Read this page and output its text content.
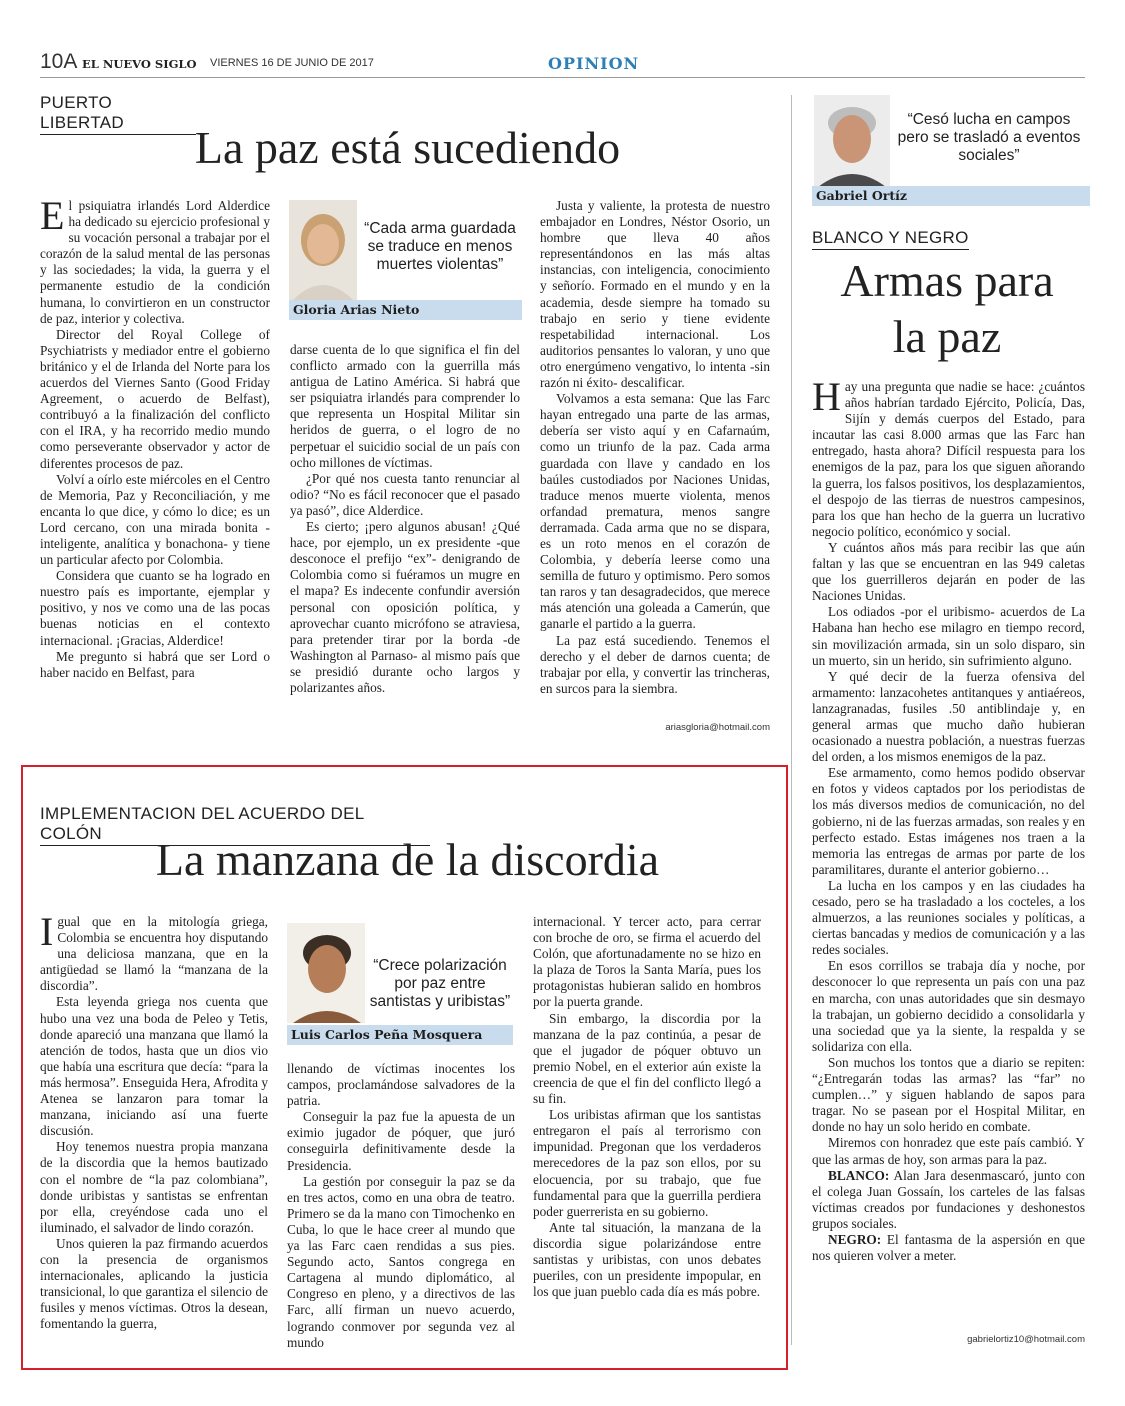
10A EL NUEVO SIGLO VIERNES 16 DE JUNIO DE 2017	OPINION
PUERTO LIBERTAD	La paz está sucediendo

El psiquiatra irlandés Lord Alderdice ha dedicado su ejercicio profesional y su vocación personal a trabajar por el corazón de la salud mental de las personas y las sociedades; la vida, la guerra y el permanente estudio de la condición humana, lo convirtieron en un constructor de paz, interior y colectiva.

Director del Royal College of Psychiatrists y mediador entre el gobierno británico y el de Irlanda del Norte para los acuerdos del Viernes Santo (Good Friday Agreement, o acuerdo de Belfast), contribuyó a la finalización del conflicto con el IRA, y ha recorrido medio mundo como perseverante observador y actor de diferentes procesos de paz.

Volví a oírlo este miércoles en el Centro de Memoria, Paz y Reconciliación, y me encanta lo que dice, y cómo lo dice; es un Lord cercano, con una mirada bonita -inteligente, analítica y bonachona- y tiene un particular afecto por Colombia.

Considera que cuanto se ha logrado en nuestro país es importante, ejemplar y positivo, y nos ve como una de las pocas buenas noticias en el contexto internacional. ¡Gracias, Alderdice!

Me pregunto si habrá que ser Lord o haber nacido en Belfast, para

“Cada arma guardada se traduce en menos muertes violentas”
Gloria Arias Nieto

darse cuenta de lo que significa el fin del conflicto armado con la guerrilla más antigua de Latino América. Si habrá que ser psiquiatra irlandés para comprender lo que representa un Hospital Militar sin heridos de guerra, o el logro de no perpetuar el suicidio social de un país con ocho millones de víctimas.

¿Por qué nos cuesta tanto renunciar al odio? “No es fácil reconocer que el pasado ya pasó”, dice Alderdice.

Es cierto; ¡pero algunos abusan! ¿Qué hace, por ejemplo, un ex presidente -que desconoce el prefijo “ex”- denigrando de Colombia como si fuéramos un mugre en el mapa? Es indecente confundir aversión personal con oposición política, y aprovechar cuanto micrófono se atraviesa, para pretender tirar por la borda -de Washington al Parnaso- al mismo país que se presidió durante ocho largos y polarizantes años.

Justa y valiente, la protesta de nuestro embajador en Londres, Néstor Osorio, un hombre que lleva 40 años representándonos en las más altas instancias, con inteligencia, conocimiento y señorío. Formado en el mundo y en la academia, desde siempre ha tomado su trabajo en serio y tiene evidente respetabilidad internacional. Los auditorios pensantes lo valoran, y uno que otro energúmeno vengativo, lo intenta -sin razón ni éxito- descalificar.

Volvamos a esta semana: Que las Farc hayan entregado una parte de las armas, debería ser visto aquí y en Cafarnaúm, como un triunfo de la paz. Cada arma guardada con llave y candado en los baúles custodiados por Naciones Unidas, traduce menos muerte violenta, menos orfandad prematura, menos sangre derramada. Cada arma que no se dispara, es un roto menos en el corazón de Colombia, y debería leerse como una semilla de futuro y optimismo. Pero somos tan raros y tan desagradecidos, que merece más atención una goleada a Camerún, que ganarle el partido a la guerra.

La paz está sucediendo. Tenemos el derecho y el deber de darnos cuenta; de trabajar por ella, y convertir las trincheras, en surcos para la siembra.

ariasgloria@hotmail.com
IMPLEMENTACION DEL ACUERDO DEL COLÓN
La manzana de la discordia

Igual que en la mitología griega, Colombia se encuentra hoy disputando una deliciosa manzana, que en la antigüedad se llamó la “manzana de la discordia”.

Esta leyenda griega nos cuenta que hubo una vez una boda de Peleo y Tetis, donde apareció una manzana que llamó la atención de todos, hasta que un dios vio que había una escritura que decía: “para la más hermosa”. Enseguida Hera, Afrodita y Atenea se lanzaron para tomar la manzana, iniciando así una fuerte discusión.

Hoy tenemos nuestra propia manzana de la discordia que la hemos bautizado con el nombre de “la paz colombiana”, donde uribistas y santistas se enfrentan por ella, creyéndose cada uno el iluminado, el salvador de lindo corazón.

Unos quieren la paz firmando acuerdos con la presencia de organismos internacionales, aplicando la justicia transicional, lo que garantiza el silencio de fusiles y menos víctimas. Otros la desean, fomentando la guerra,

“Crece polarización por paz entre santistas y uribistas”
Luis Carlos Peña Mosquera

llenando de víctimas inocentes los campos, proclamándose salvadores de la patria.

Conseguir la paz fue la apuesta de un eximio jugador de póquer, que juró conseguirla definitivamente desde la Presidencia.

La gestión por conseguir la paz se da en tres actos, como en una obra de teatro. Primero se da la mano con Timochenko en Cuba, lo que le hace creer al mundo que ya las Farc caen rendidas a sus pies. Segundo acto, Santos congrega en Cartagena al mundo diplomático, al Congreso en pleno, y a directivos de las Farc, allí firman un nuevo acuerdo, logrando conmover por segunda vez al mundo

internacional. Y tercer acto, para cerrar con broche de oro, se firma el acuerdo del Colón, que afortunadamente no se hizo en la plaza de Toros la Santa María, pues los protagonistas hubieran salido en hombros por la puerta grande.

Sin embargo, la discordia por la manzana de la paz continúa, a pesar de que el jugador de póquer obtuvo un premio Nobel, en el exterior aún existe la creencia de que el fin del conflicto llegó a su fin.

Los uribistas afirman que los santistas entregaron el país al terrorismo con impunidad. Pregonan que los verdaderos merecedores de la paz son ellos, por su elocuencia, por su trabajo, que fue fundamental para que la guerrilla perdiera poder guerrerista en su gobierno.

Ante tal situación, la manzana de la discordia sigue polarizándose entre santistas y uribistas, con unos debates pueriles, con un presidente impopular, en los que juan pueblo cada día es más pobre.

“Cesó lucha en campos pero se trasladó a eventos sociales”
Gabriel Ortíz
BLANCO Y NEGRO
Armas para
la paz

Hay una pregunta que nadie se hace: ¿cuántos años habrían tardado Ejército, Policía, Das, Sijín y demás cuerpos del Estado, para incautar las casi 8.000 armas que las Farc han entregado, hasta ahora? Difícil respuesta para los enemigos de la paz, para los que siguen añorando la guerra, los falsos positivos, los desplazamientos, el despojo de las tierras de nuestros campesinos, para los que han hecho de la guerra un lucrativo negocio político, económico y social.

Y cuántos años más para recibir las que aún faltan y las que se encuentran en las 949 caletas que los guerrilleros dejarán en poder de las Naciones Unidas.

Los odiados -por el uribismo- acuerdos de La Habana han hecho ese milagro en tiempo record, sin movilización armada, sin un solo disparo, sin un muerto, sin un herido, sin sufrimiento alguno.

Y qué decir de la fuerza ofensiva del armamento: lanzacohetes antitanques y antiaéreos, lanzagranadas, fusiles .50 antiblindaje y, en general armas que mucho daño hubieran ocasionado a nuestra población, a nuestras fuerzas del orden, a los mismos enemigos de la paz.

Ese armamento, como hemos podido observar en fotos y videos captados por los periodistas de los más diversos medios de comunicación, no del gobierno, ni de las fuerzas armadas, son reales y en perfecto estado. Estas imágenes nos traen a la memoria las entregas de armas por parte de los paramilitares, durante el anterior gobierno…

La lucha en los campos y en las ciudades ha cesado, pero se ha trasladado a los cocteles, a los almuerzos, a las reuniones sociales y políticas, a ciertas bancadas y medios de comunicación y a las redes sociales.

En esos corrillos se trabaja día y noche, por desconocer lo que representa un país con una paz en marcha, con unas autoridades que sin desmayo la trabajan, un gobierno decidido a consolidarla y una sociedad que ya la siente, la respalda y se solidariza con ella.

Son muchos los tontos que a diario se repiten: “¿Entregarán todas las armas? las “far” no cumplen…” y siguen hablando de sapos para tragar. No se pasean por el Hospital Militar, en donde no hay un solo herido en combate.

Miremos con honradez que este país cambió. Y que las armas de hoy, son armas para la paz.

BLANCO: Alan Jara desenmascaró, junto con el colega Juan Gossaín, los carteles de las falsas víctimas creados por fundaciones y deshonestos grupos sociales.

NEGRO: El fantasma de la aspersión en que nos quieren volver a meter.

gabrielortiz10@hotmail.com
